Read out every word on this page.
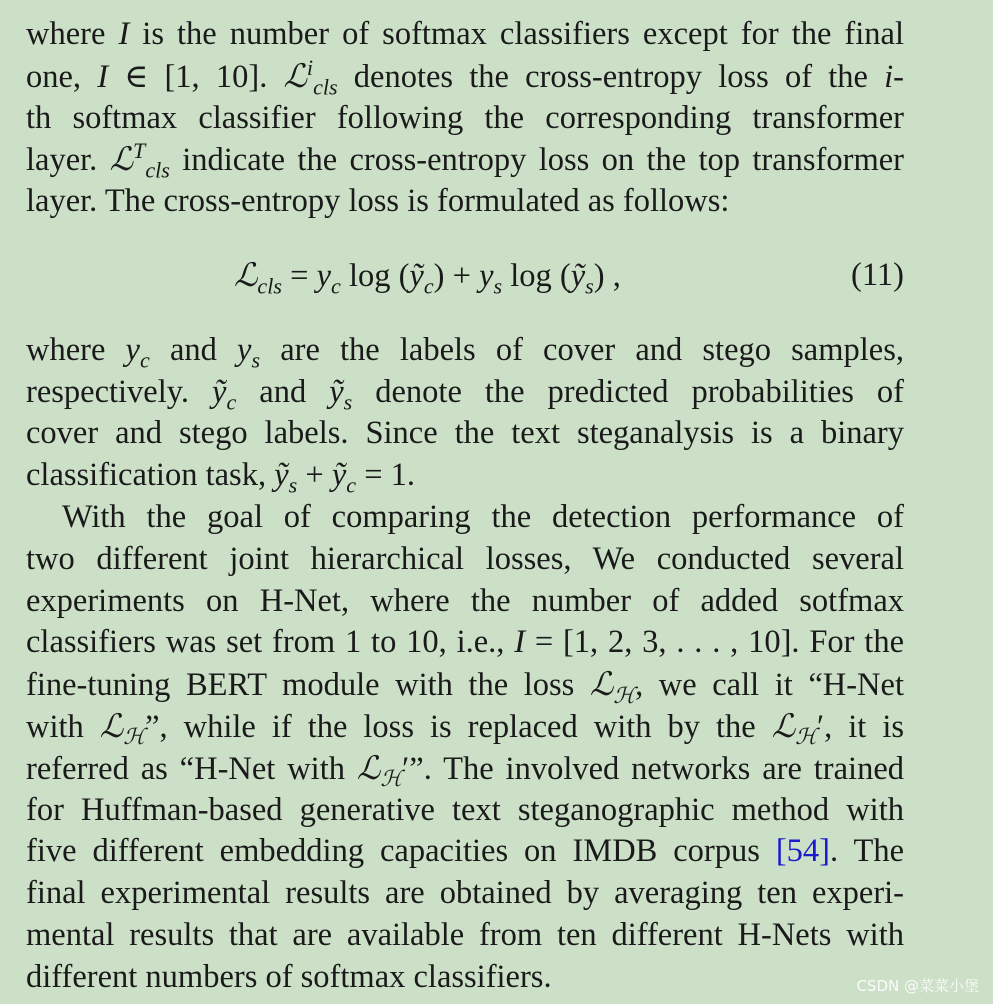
where I is the number of softmax classifiers except for the final
one, I ∈ [1, 10]. ℒ$^i_{cls}$ denotes the cross-entropy loss of the i-
th softmax classifier following the corresponding transformer
layer. ℒ$^T_{cls}$ indicate the cross-entropy loss on the top transformer
layer. The cross-entropy loss is formulated as follows:
ℒ$_{cls}$ = $y_c$ log (ỹ$_c$) + $y_s$ log (ỹ$_s$) ,	(11)
where $y_c$ and $y_s$ are the labels of cover and stego samples,
respectively. ỹ$_c$ and ỹ$_s$ denote the predicted probabilities of
cover and stego labels. Since the text steganalysis is a binary
classification task, ỹ$_s$ + ỹ$_c$ = 1.
With the goal of comparing the detection performance of
two different joint hierarchical losses, We conducted several
experiments on H-Net, where the number of added sotfmax
classifiers was set from 1 to 10, i.e., I = [1, 2, 3, . . . , 10]. For the
fine-tuning BERT module with the loss ℒ$_ℋ$, we call it “H-Net
with ℒ$_ℋ$”, while if the loss is replaced with by the ℒ$_ℋ$′, it is
referred as “H-Net with ℒ$_ℋ$′”. The involved networks are trained
for Huffman-based generative text steganographic method with
five different embedding capacities on IMDB corpus [54]. The
final experimental results are obtained by averaging ten experi-
mental results that are available from ten different H-Nets with
different numbers of softmax classifiers.	CSDN @菜菜小堡
